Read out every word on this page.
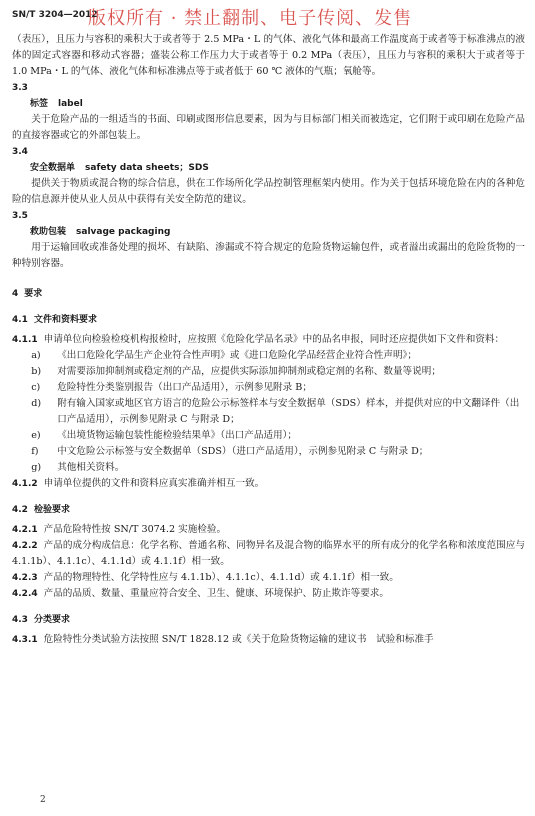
SN/T 3204—2012
版权所有 · 禁止翻制、电子传阅、发售

（表压），且压力与容积的乘积大于或者等于 2.5 MPa・L 的气体、液化气体和最高工作温度高于或者等于标准沸点的液体的固定式容器和移动式容器；盛装公称工作压力大于或者等于 0.2 MPa（表压），且压力与容积的乘积大于或者等于 1.0 MPa・L 的气体、液化气体和标准沸点等于或者低于 60 ℃ 液体的气瓶；氧舱等。

3.3

标签 label

关于危险产品的一组适当的书面、印刷或图形信息要素，因为与目标部门相关而被选定，它们附于或印刷在危险产品的直接容器或它的外部包装上。

3.4

安全数据单 safety data sheets；SDS

提供关于物质或混合物的综合信息，供在工作场所化学品控制管理框架内使用。作为关于包括环境危险在内的各种危险的信息源并使从业人员从中获得有关安全防范的建议。

3.5

救助包装 salvage packaging

用于运输回收或准备处理的损坏、有缺陷、渗漏或不符合规定的危险货物运输包件，或者溢出或漏出的危险货物的一种特别容器。

4 要求

4.1 文件和资料要求

4.1.1 申请单位向检验检疫机构报检时，应按照《危险化学品名录》中的品名申报，同时还应提供如下文件和资料：

a)	《出口危险化学品生产企业符合性声明》或《进口危险化学品经营企业符合性声明》；
b)	对需要添加抑制剂或稳定剂的产品，应提供实际添加抑制剂或稳定剂的名称、数量等说明；
c)	危险特性分类鉴别报告（出口产品适用），示例参见附录 B；
d)	附有输入国家或地区官方语言的危险公示标签样本与安全数据单（SDS）样本，并提供对应的中文翻译件（出口产品适用），示例参见附录 C 与附录 D；
e)	《出境货物运输包装性能检验结果单》（出口产品适用）；
f)	中文危险公示标签与安全数据单（SDS）（进口产品适用），示例参见附录 C 与附录 D；
g)	其他相关资料。

4.1.2 申请单位提供的文件和资料应真实准确并相互一致。

4.2 检验要求

4.2.1 产品危险特性按 SN/T 3074.2 实施检验。

4.2.2 产品的成分构成信息：化学名称、普通名称、同物异名及混合物的临界水平的所有成分的化学名称和浓度范围应与 4.1.1b）、4.1.1c）、4.1.1d）或 4.1.1f）相一致。

4.2.3 产品的物理特性、化学特性应与 4.1.1b）、4.1.1c）、4.1.1d）或 4.1.1f）相一致。

4.2.4 产品的品质、数量、重量应符合安全、卫生、健康、环境保护、防止欺诈等要求。

4.3 分类要求

4.3.1 危险特性分类试验方法按照 SN/T 1828.12 或《关于危险货物运输的建议书　试验和标准手

2
